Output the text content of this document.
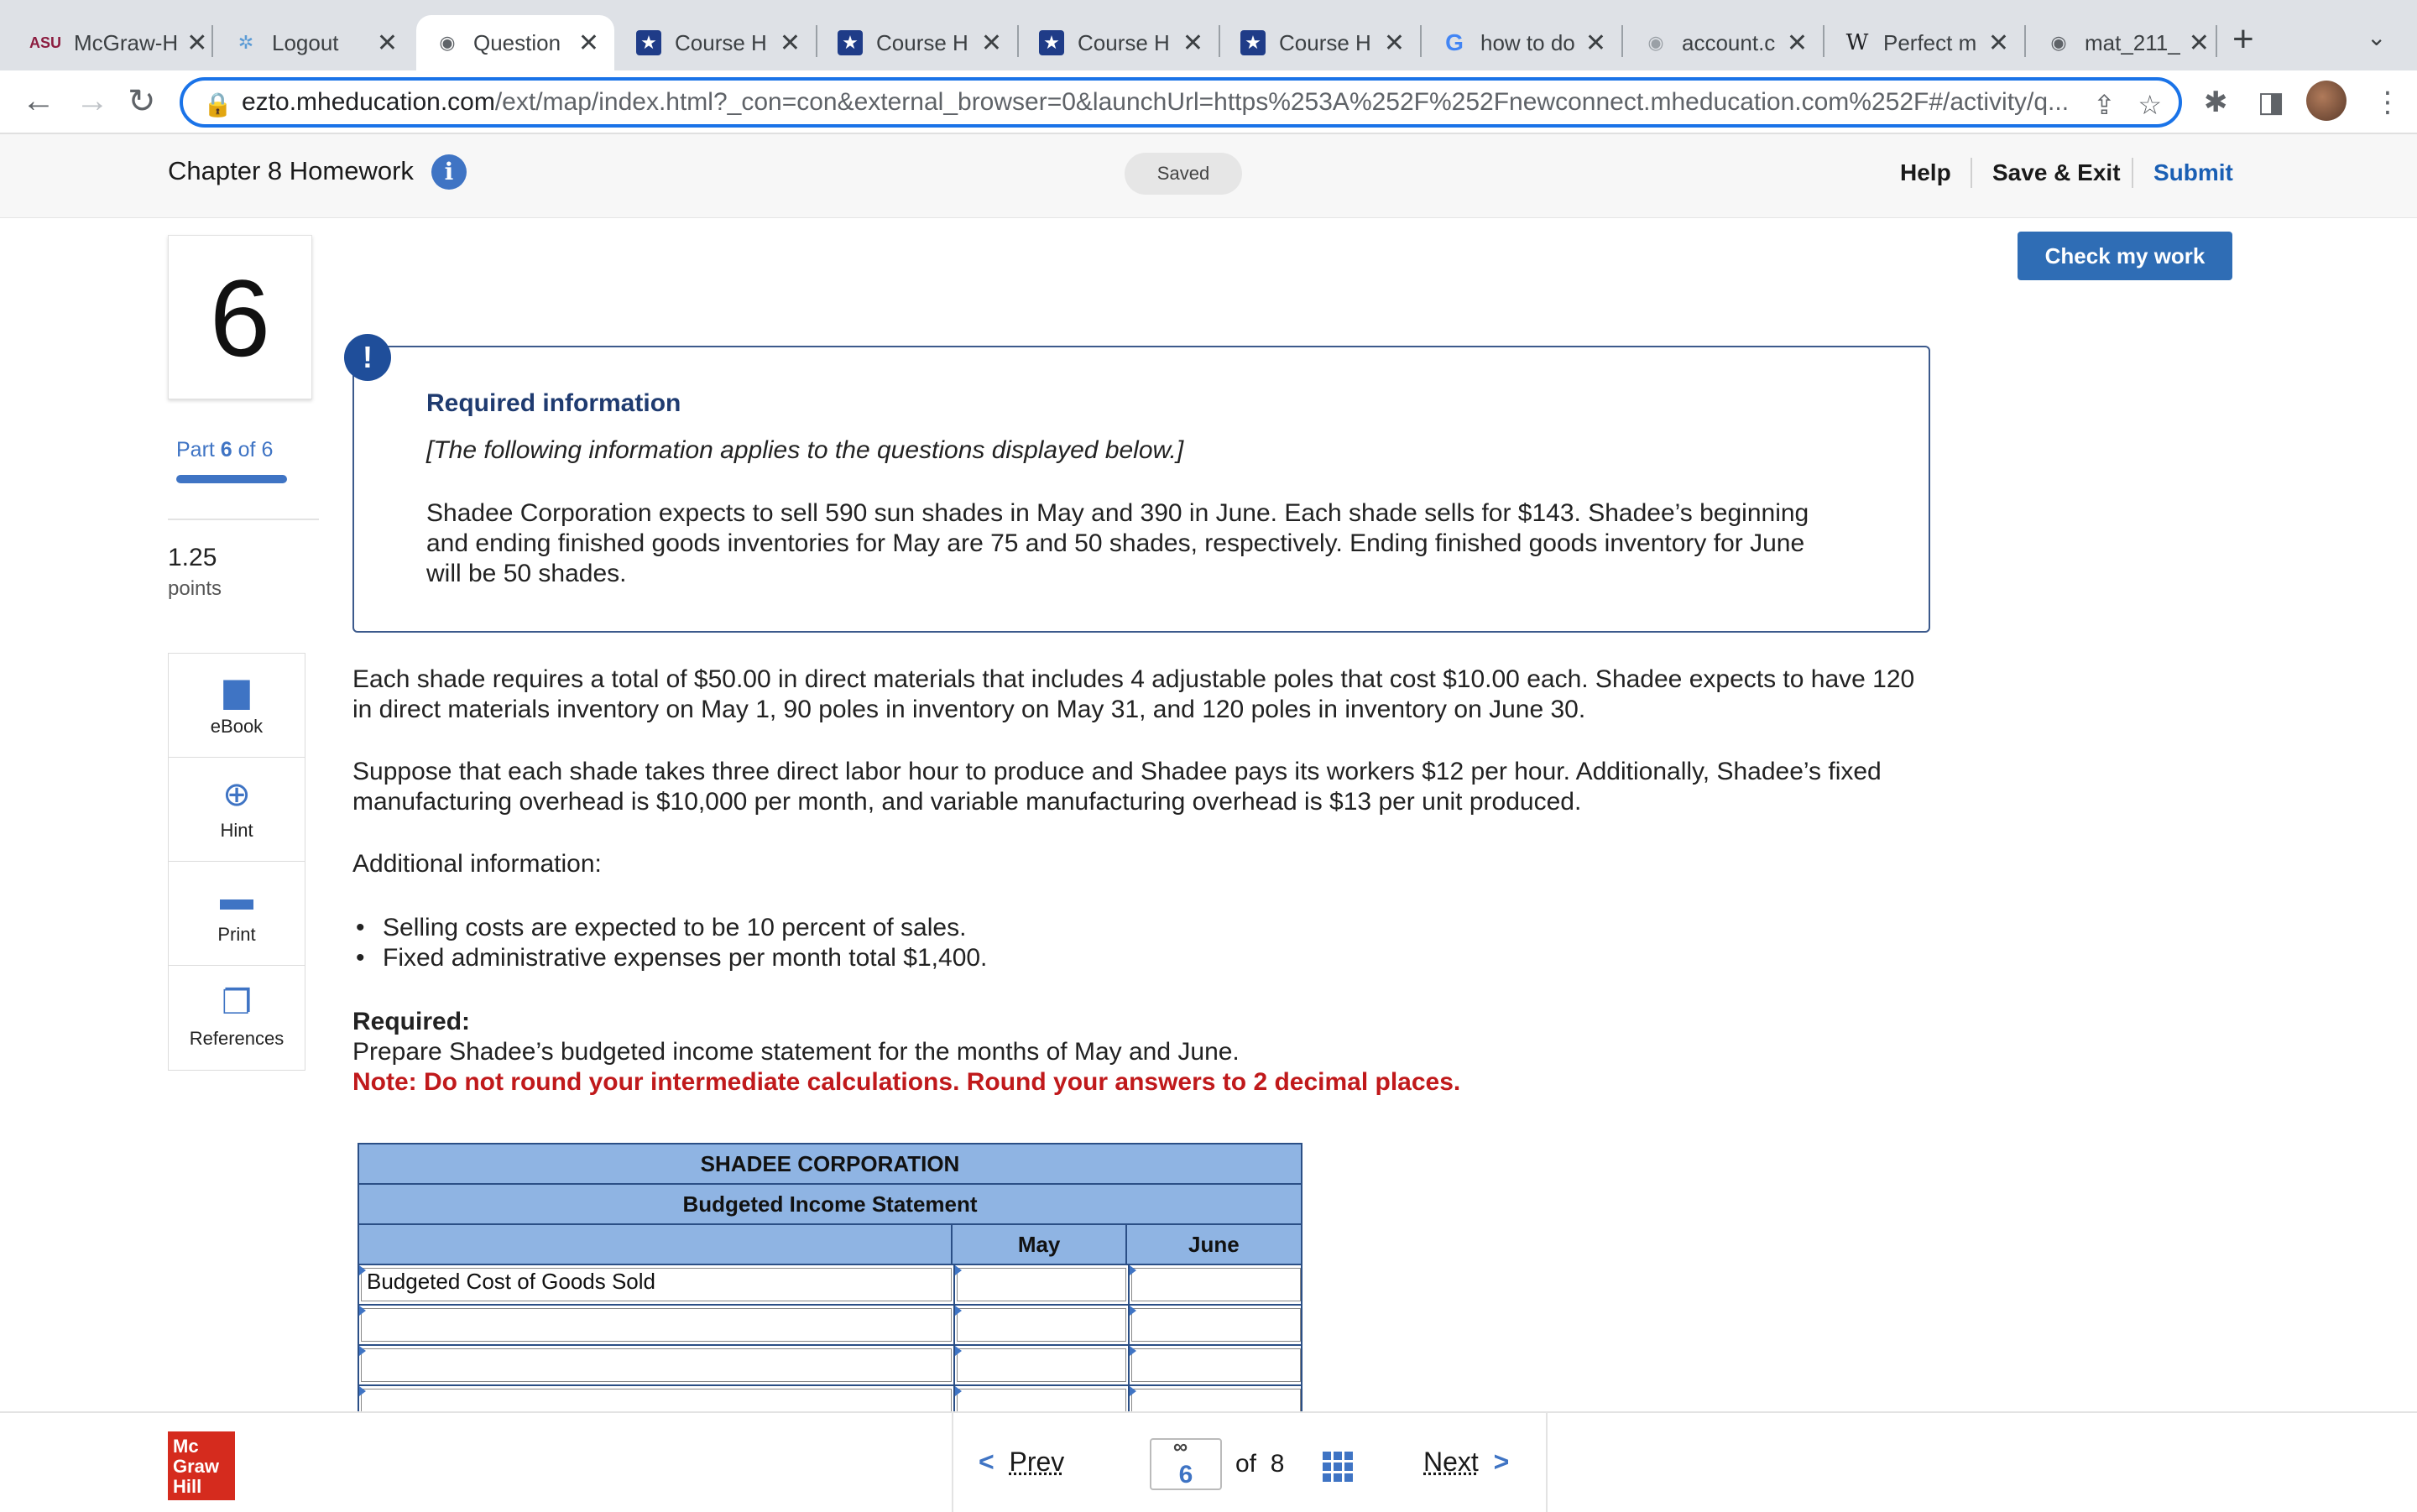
ASU McGraw-H ✕ ✲ Logout	✕ ◉ Question ✕ ★ Course H ✕ ★ Course H ✕ ★ Course H ✕ ★ Course H ✕ G how to do ✕ ◉ account.c ✕ W Perfect m ✕ ◉ mat_211_ ✕ +	⌄
← → ↻ 🔒 ezto.mheducation.com /ext/map/index.html?_con=con&external_browser=0&launchUrl=https%253A%252F%252Fnewconnect.mheducation.com%252F#/activity/q... ⇪ ☆ ✱ ◨	⋮
Chapter 8 Homework	i	Saved	Help Save & Exit Submit
Check my work
6
Part 6 of 6
1.25
points
▆
eBook
⊕
Hint
▬
Print
❐
References
!
Required information
[The following information applies to the questions displayed below.]
Shadee Corporation expects to sell 590 sun shades in May and 390 in June. Each shade sells for $143. Shadee’s beginning and ending finished goods inventories for May are 75 and 50 shades, respectively. Ending finished goods inventory for June will be 50 shades.
Each shade requires a total of $50.00 in direct materials that includes 4 adjustable poles that cost $10.00 each. Shadee expects to have 120 in direct materials inventory on May 1, 90 poles in inventory on May 31, and 120 poles in inventory on June 30.
Suppose that each shade takes three direct labor hour to produce and Shadee pays its workers $12 per hour. Additionally, Shadee’s fixed manufacturing overhead is $10,000 per month, and variable manufacturing overhead is $13 per unit produced.
Additional information:
• Selling costs are expected to be 10 percent of sales.
• Fixed administrative expenses per month total $1,400.
Required:
Prepare Shadee’s budgeted income statement for the months of May and June.
Note: Do not round your intermediate calculations. Round your answers to 2 decimal places.
SHADEE CORPORATION
Budgeted Income Statement
May	June
Budgeted Cost of Goods Sold
Mc Graw Hill
< Prev	∞
6	of 8	Next >
